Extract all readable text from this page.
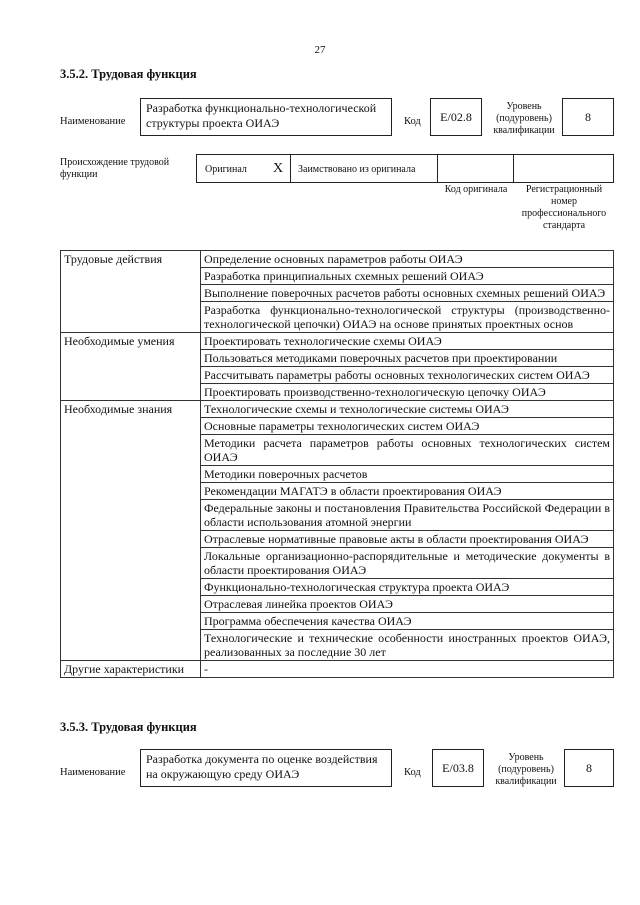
27
3.5.2. Трудовая функция
Наименование
Разработка функционально-технологической структуры проекта ОИАЭ	Код	E/02.8
Уровень (подуровень) квалификации
8
Происхождение трудовой функции	Оригинал X Заимствовано из оригинала
Код оригинала	Регистрационный номер профессионального стандарта
Трудовые действия	Определение основных параметров работы ОИАЭ
	Разработка принципиальных схемных решений ОИАЭ
	Выполнение поверочных расчетов работы основных схемных решений ОИАЭ
	Разработка функционально-технологической структуры (производственно-технологической цепочки) ОИАЭ на основе принятых проектных основ
Необходимые умения	Проектировать технологические схемы ОИАЭ
	Пользоваться методиками поверочных расчетов при проектировании
	Рассчитывать параметры работы основных технологических систем ОИАЭ
	Проектировать производственно-технологическую цепочку ОИАЭ
Необходимые знания	Технологические схемы и технологические системы ОИАЭ
	Основные параметры технологических систем ОИАЭ
	Методики расчета параметров работы основных технологических систем ОИАЭ
	Методики поверочных расчетов
	Рекомендации МАГАТЭ в области проектирования ОИАЭ
	Федеральные законы и постановления Правительства Российской Федерации в области использования атомной энергии
	Отраслевые нормативные правовые акты в области проектирования ОИАЭ
	Локальные организационно-распорядительные и методические документы в области проектирования ОИАЭ
	Функционально-технологическая структура проекта ОИАЭ
	Отраслевая линейка проектов ОИАЭ
	Программа обеспечения качества ОИАЭ
	Технологические и технические особенности иностранных проектов ОИАЭ, реализованных за последние 30 лет
Другие характеристики	-
3.5.3. Трудовая функция
Наименование
Разработка документа по оценке воздействия на окружающую среду ОИАЭ	Код	E/03.8
Уровень (подуровень) квалификации
8
